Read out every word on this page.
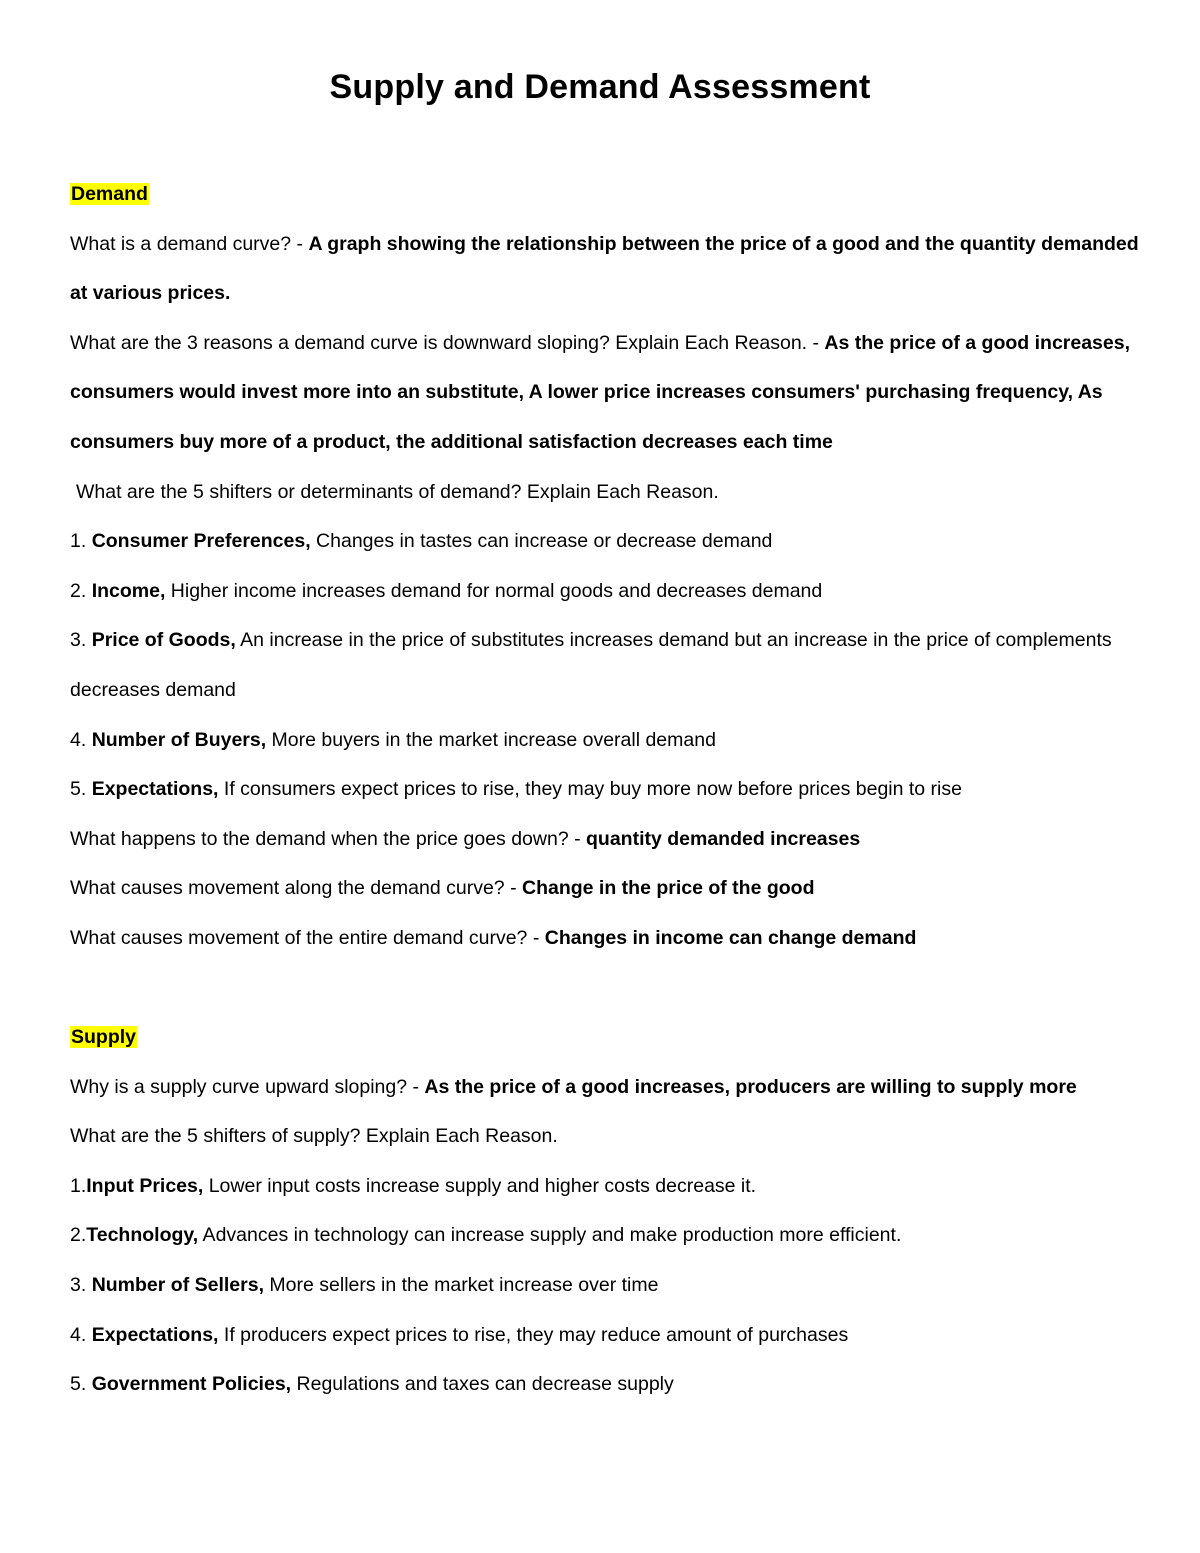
Supply and Demand Assessment

Demand

What is a demand curve? - A graph showing the relationship between the price of a good and the quantity demanded at various prices.

What are the 3 reasons a demand curve is downward sloping? Explain Each Reason. - As the price of a good increases, consumers would invest more into an substitute, A lower price increases consumers' purchasing frequency, As consumers buy more of a product, the additional satisfaction decreases each time

What are the 5 shifters or determinants of demand? Explain Each Reason.

1. Consumer Preferences, Changes in tastes can increase or decrease demand

2. Income, Higher income increases demand for normal goods and decreases demand

3. Price of Goods, An increase in the price of substitutes increases demand but an increase in the price of complements decreases demand

4. Number of Buyers, More buyers in the market increase overall demand

5. Expectations, If consumers expect prices to rise, they may buy more now before prices begin to rise

What happens to the demand when the price goes down? - quantity demanded increases

What causes movement along the demand curve? - Change in the price of the good

What causes movement of the entire demand curve? - Changes in income can change demand

Supply

Why is a supply curve upward sloping? - As the price of a good increases, producers are willing to supply more

What are the 5 shifters of supply? Explain Each Reason.

1.Input Prices, Lower input costs increase supply and higher costs decrease it.

2.Technology, Advances in technology can increase supply and make production more efficient.

3. Number of Sellers, More sellers in the market increase over time

4. Expectations, If producers expect prices to rise, they may reduce amount of purchases

5. Government Policies, Regulations and taxes can decrease supply
